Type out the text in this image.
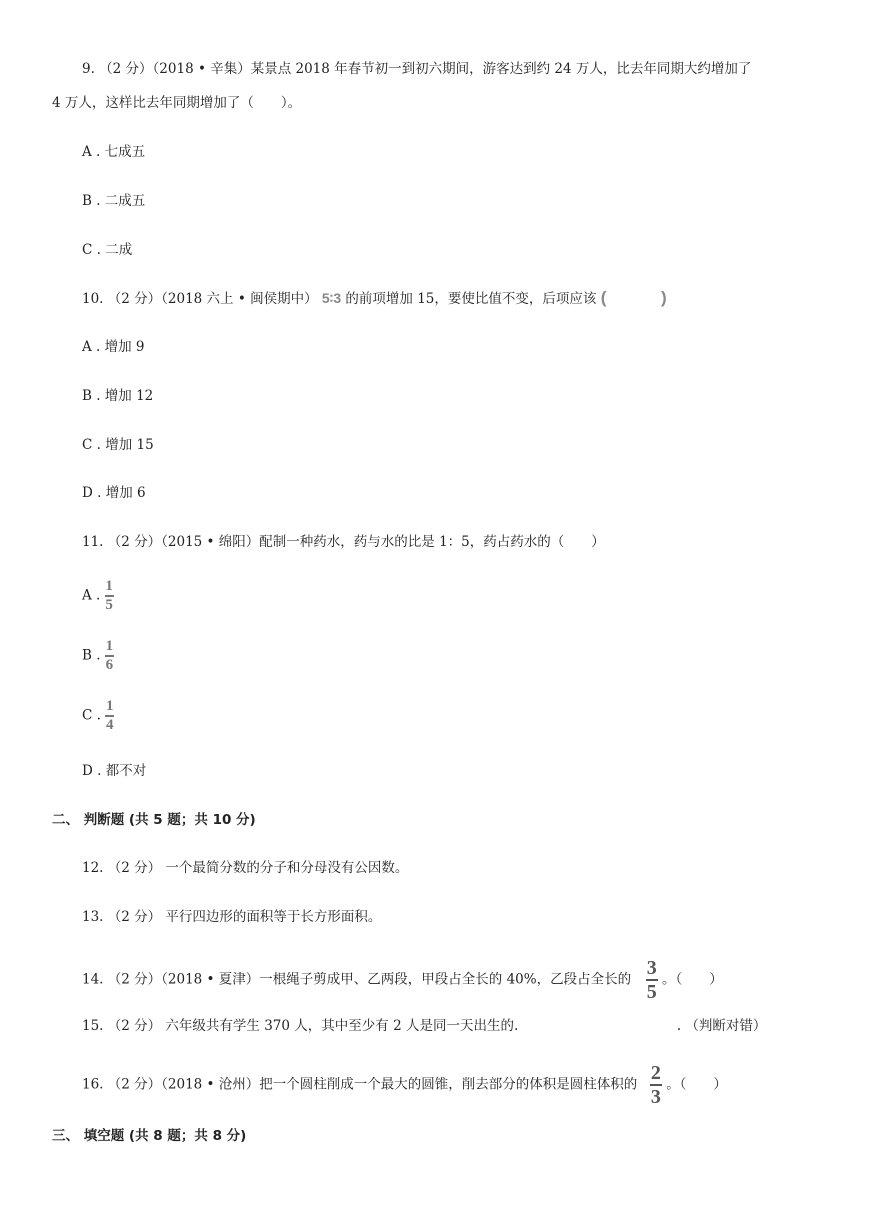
9. （2 分）（2018 • 辛集）某景点 2018 年春节初一到初六期间，游客达到约 24 万人，比去年同期大约增加了
4 万人，这样比去年同期增加了（　　）。
A . 七成五
B . 二成五
C . 二成
10. （2 分）（2018 六上 • 闽侯期中） 5∶3 的前项增加 15，要使比值不变，后项应该 (	)
A . 增加 9
B . 增加 12
C . 增加 15
D . 增加 6
11. （2 分）（2015 • 绵阳）配制一种药水，药与水的比是 1：5，药占药水的（　　）
A . $\frac{1}{5}$
B . $\frac{1}{6}$
C . $\frac{1}{4}$
D . 都不对
二、 判断题 (共 5 题；共 10 分)
12. （2 分） 一个最简分数的分子和分母没有公因数。
13. （2 分） 平行四边形的面积等于长方形面积。
14. （2 分）（2018 • 夏津）一根绳子剪成甲、乙两段，甲段占全长的 40%，乙段占全长的 $\frac{3}{5}$ 。（　　）
15. （2 分） 六年级共有学生 370 人，其中至少有 2 人是同一天出生的.	. （判断对错）
16. （2 分）（2018 • 沧州）把一个圆柱削成一个最大的圆锥，削去部分的体积是圆柱体积的 $\frac{2}{3}$ 。（　　）
三、 填空题 (共 8 题；共 8 分)
